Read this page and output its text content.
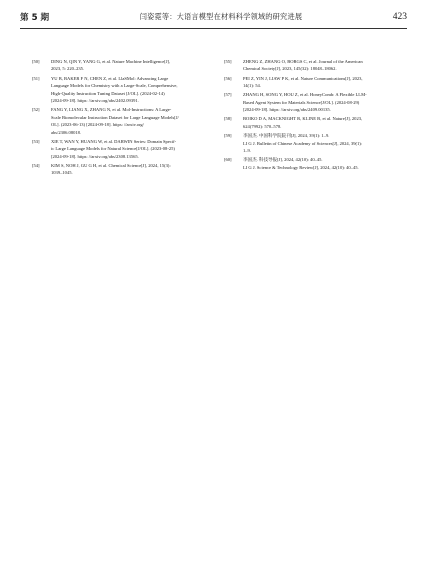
第 5 期	闫姿霓等：大语言模型在材料科学领域的研究进展	423
[50]	DING N, QIN Y, YANG G, et al. Nature Machine Intelligence[J],
2023, 5: 220–235.
[51]	YU B, BAKER F N, CHEN Z, et al. LlaSMol: Advancing Large
Language Models for Chemistry with a Large-Scale, Comprehensive,
High-Quality Instruction Tuning Dataset [J/OL]. (2024-02-14)
[2024-09-18]. https: //arxiv.org/abs/2402.09391.
[52]	FANG Y, LIANG X, ZHANG N, et al. Mol-Instructions: A Large-
Scale Biomolecular Instruction Dataset for Large Language Models[J/
OL]. (2023-06-13) [2024-09-18]. https: //arxiv.org/
abs/2306.08018.
[53]	XIE T, WAN Y, HUANG W, et al. DARWIN Series: Domain Specif-
ic Large Language Models for Natural Science[J/OL]. (2023-08-25)
[2024-09-18]. https: //arxiv.org/abs/2308.13565.
[54]	KIM S, NOH J, GU G H, et al. Chemical Science[J], 2024, 15(3):
1039–1045.
[55]	ZHENG Z, ZHANG O, BORGS C, et al. Journal of the American
Chemical Society[J], 2023, 145(32): 18048–18062.
[56]	PEI Z, YIN J, LIAW P K, et al. Nature Communications[J], 2023,
14(1): 54.
[57]	ZHANG H, SONG Y, HOU Z, et al. HoneyComb: A Flexible LLM-
Based Agent System for Materials Science[J/OL]. (2024-08-29)
[2024-09-18]. https: //arxiv.org/abs/2409.00135.
[58]	BOIKO D A, MACKNIGHT R, KLINE B, et al. Nature[J], 2023,
624(7992): 570–578.
[59]	李国杰. 中国科学院院刊[J], 2024, 39(1): 1–9.
LI G J. Bulletin of Chinese Academy of Sciences[J], 2024, 39(1):
1–9.
[60]	李国杰. 科技导报[J], 2024, 42(10): 40–45.
LI G J. Science & Technology Review[J], 2024, 42(10): 40–45.
